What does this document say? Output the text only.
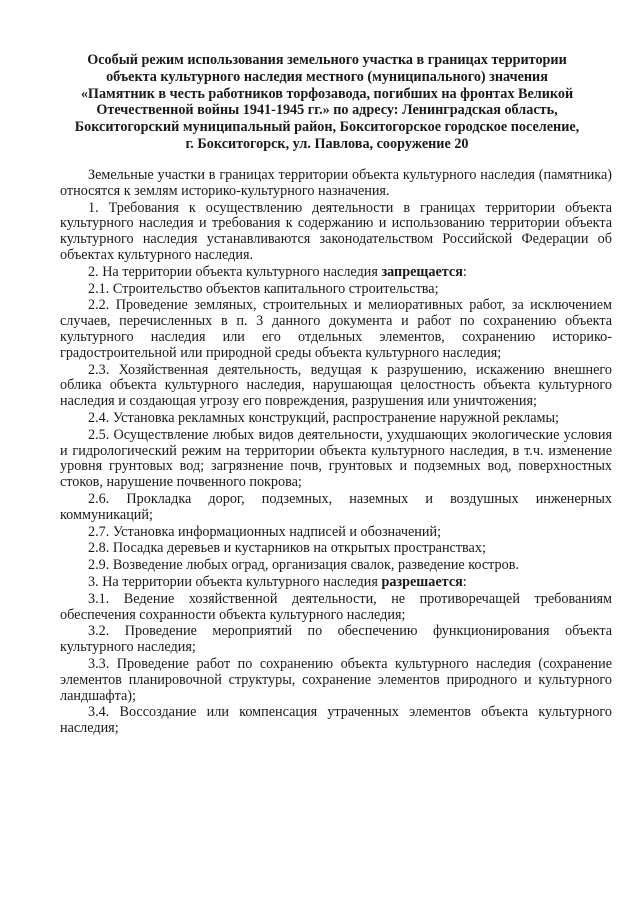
Особый режим использования земельного участка в границах территории
объекта культурного наследия местного (муниципального) значения
«Памятник в честь работников торфозавода, погибших на фронтах Великой
Отечественной войны 1941-1945 гг.» по адресу: Ленинградская область,
Бокситогорский муниципальный район, Бокситогорское городское поселение,
г. Бокситогорск, ул. Павлова, сооружение 20

Земельные участки в границах территории объекта культурного наследия (памятника) относятся к землям историко-культурного назначения.

1. Требования к осуществлению деятельности в границах территории объекта культурного наследия и требования к содержанию и использованию территории объекта культурного наследия устанавливаются законодательством Российской Федерации об объектах культурного наследия.

2. На территории объекта культурного наследия запрещается:

2.1. Строительство объектов капитального строительства;

2.2. Проведение земляных, строительных и мелиоративных работ, за исключением случаев, перечисленных в п. 3 данного документа и работ по сохранению объекта культурного наследия или его отдельных элементов, сохранению историко-градостроительной или природной среды объекта культурного наследия;

2.3. Хозяйственная деятельность, ведущая к разрушению, искажению внешнего облика объекта культурного наследия, нарушающая целостность объекта культурного наследия и создающая угрозу его повреждения, разрушения или уничтожения;

2.4. Установка рекламных конструкций, распространение наружной рекламы;

2.5. Осуществление любых видов деятельности, ухудшающих экологические условия и гидрологический режим на территории объекта культурного наследия, в т.ч. изменение уровня грунтовых вод; загрязнение почв, грунтовых и подземных вод, поверхностных стоков, нарушение почвенного покрова;

2.6. Прокладка дорог, подземных, наземных и воздушных инженерных коммуникаций;

2.7. Установка информационных надписей и обозначений;

2.8. Посадка деревьев и кустарников на открытых пространствах;

2.9. Возведение любых оград, организация свалок, разведение костров.

3. На территории объекта культурного наследия разрешается:

3.1. Ведение хозяйственной деятельности, не противоречащей требованиям обеспечения сохранности объекта культурного наследия;

3.2. Проведение мероприятий по обеспечению функционирования объекта культурного наследия;

3.3. Проведение работ по сохранению объекта культурного наследия (сохранение элементов планировочной структуры, сохранение элементов природного и культурного ландшафта);

3.4. Воссоздание или компенсация утраченных элементов объекта культурного наследия;
